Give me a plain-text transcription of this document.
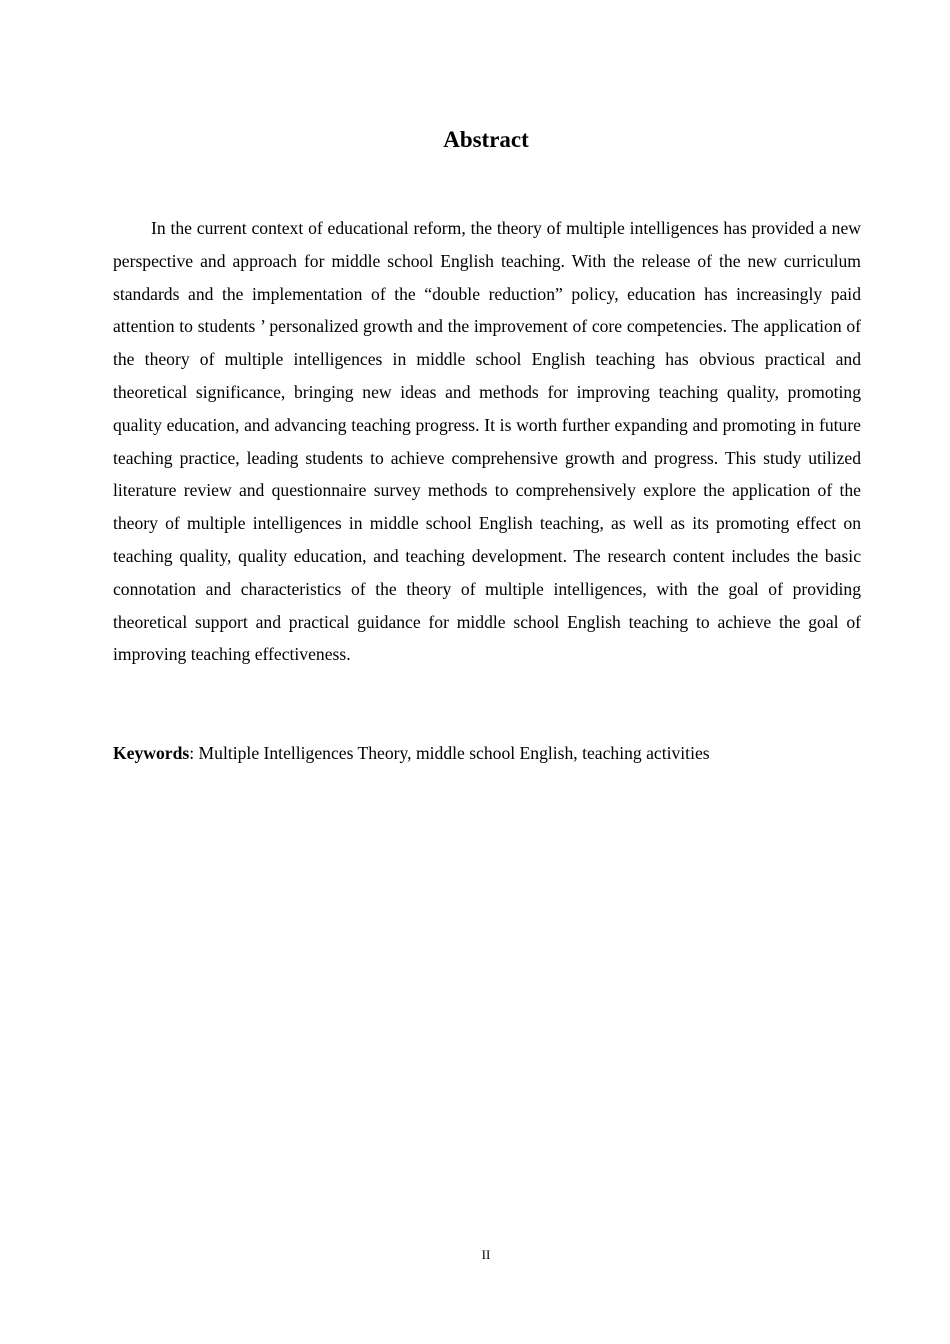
Abstract

In the current context of educational reform, the theory of multiple intelligences has provided a new perspective and approach for middle school English teaching. With the release of the new curriculum standards and the implementation of the “double reduction” policy, education has increasingly paid attention to students ’ personalized growth and the improvement of core competencies. The application of the theory of multiple intelligences in middle school English teaching has obvious practical and theoretical significance, bringing new ideas and methods for improving teaching quality, promoting quality education, and advancing teaching progress. It is worth further expanding and promoting in future teaching practice, leading students to achieve comprehensive growth and progress. This study utilized literature review and questionnaire survey methods to comprehensively explore the application of the theory of multiple intelligences in middle school English teaching, as well as its promoting effect on teaching quality, quality education, and teaching development. The research content includes the basic connotation and characteristics of the theory of multiple intelligences, with the goal of providing theoretical support and practical guidance for middle school English teaching to achieve the goal of improving teaching effectiveness.

Keywords: Multiple Intelligences Theory, middle school English, teaching activities

II
